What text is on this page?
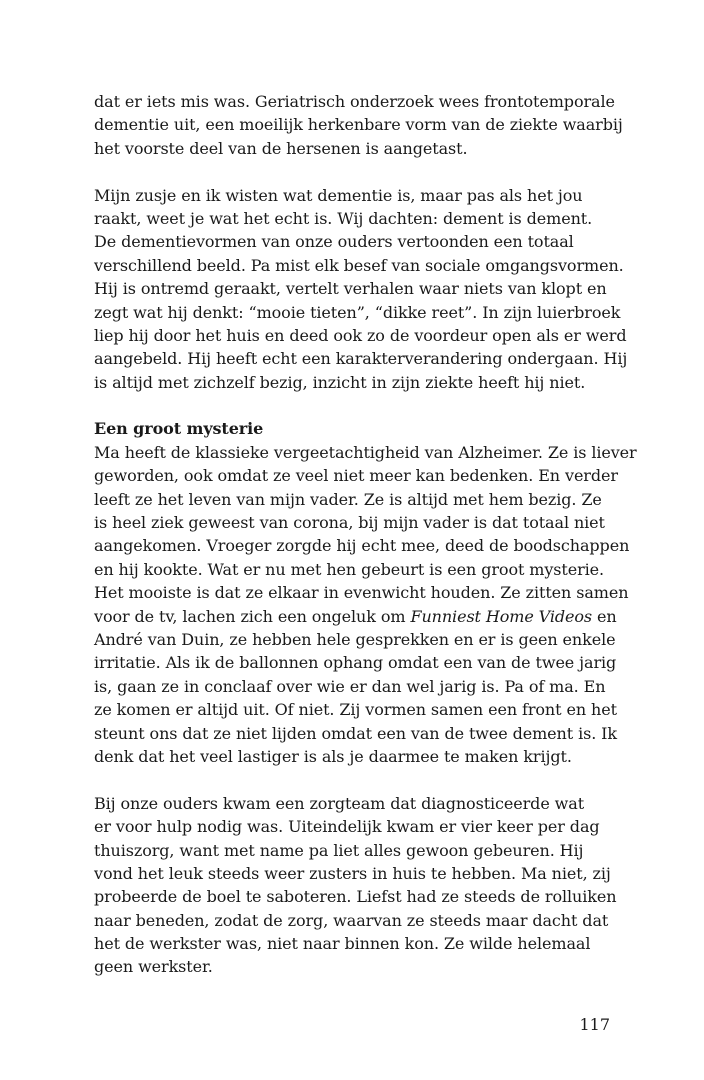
dat er iets mis was. Geriatrisch onderzoek wees frontotemporale
dementie uit, een moeilijk herkenbare vorm van de ziekte waarbij
het voorste deel van de hersenen is aangetast.
Mijn zusje en ik wisten wat dementie is, maar pas als het jou
raakt, weet je wat het echt is. Wij dachten: dement is dement.
De dementievormen van onze ouders vertoonden een totaal
verschillend beeld. Pa mist elk besef van sociale omgangsvormen.
Hij is ontremd geraakt, vertelt verhalen waar niets van klopt en
zegt wat hij denkt: “mooie tieten”, “dikke reet”. In zijn luierbroek
liep hij door het huis en deed ook zo de voordeur open als er werd
aangebeld. Hij heeft echt een karakterverandering ondergaan. Hij
is altijd met zichzelf bezig, inzicht in zijn ziekte heeft hij niet.
Een groot mysterie
Ma heeft de klassieke vergeetachtigheid van Alzheimer. Ze is liever
geworden, ook omdat ze veel niet meer kan bedenken. En verder
leeft ze het leven van mijn vader. Ze is altijd met hem bezig. Ze
is heel ziek geweest van corona, bij mijn vader is dat totaal niet
aangekomen. Vroeger zorgde hij echt mee, deed de boodschappen
en hij kookte. Wat er nu met hen gebeurt is een groot mysterie.
Het mooiste is dat ze elkaar in evenwicht houden. Ze zitten samen
voor de tv, lachen zich een ongeluk om Funniest Home Videos en
André van Duin, ze hebben hele gesprekken en er is geen enkele
irritatie. Als ik de ballonnen ophang omdat een van de twee jarig
is, gaan ze in conclaaf over wie er dan wel jarig is. Pa of ma. En
ze komen er altijd uit. Of niet. Zij vormen samen een front en het
steunt ons dat ze niet lijden omdat een van de twee dement is. Ik
denk dat het veel lastiger is als je daarmee te maken krijgt.
Bij onze ouders kwam een zorgteam dat diagnosticeerde wat
er voor hulp nodig was. Uiteindelijk kwam er vier keer per dag
thuiszorg, want met name pa liet alles gewoon gebeuren. Hij
vond het leuk steeds weer zusters in huis te hebben. Ma niet, zij
probeerde de boel te saboteren. Liefst had ze steeds de rolluiken
naar beneden, zodat de zorg, waarvan ze steeds maar dacht dat
het de werkster was, niet naar binnen kon. Ze wilde helemaal
geen werkster.
117
